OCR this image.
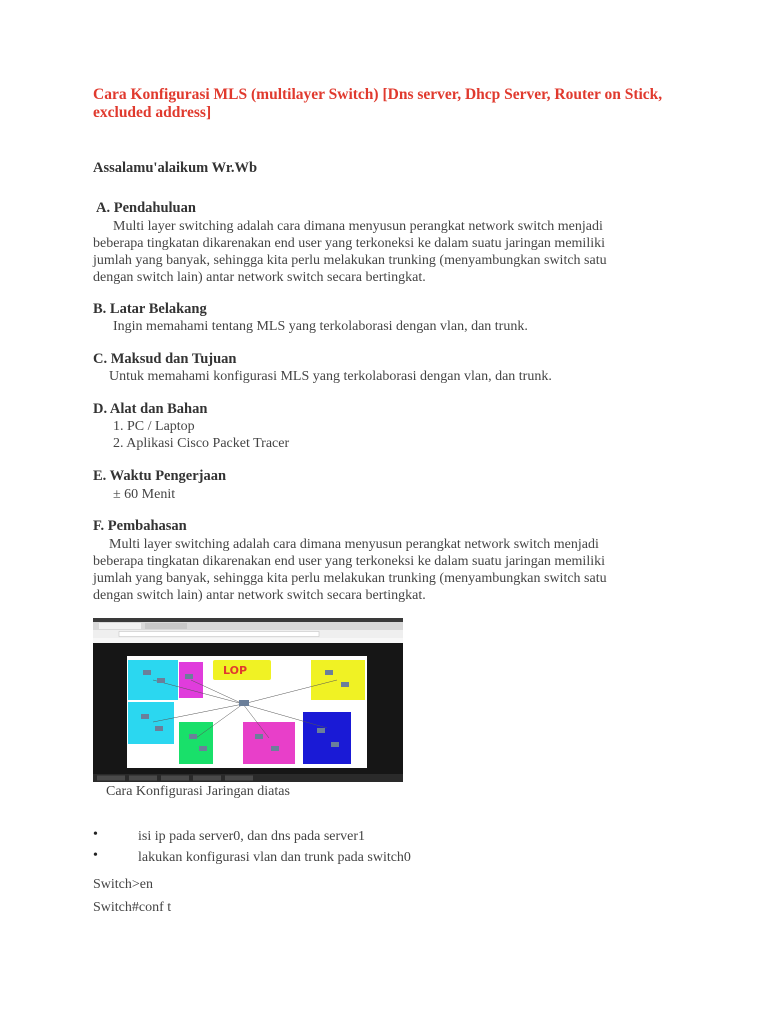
Cara Konfigurasi MLS (multilayer Switch) [Dns server, Dhcp Server, Router on Stick, excluded address]
Assalamu'alaikum Wr.Wb
A. Pendahuluan
Multi layer switching adalah cara dimana menyusun perangkat network switch menjadi
beberapa tingkatan dikarenakan end user yang terkoneksi ke dalam suatu jaringan memiliki
jumlah yang banyak, sehingga kita perlu melakukan trunking (menyambungkan switch satu
dengan switch lain) antar network switch secara bertingkat.
B. Latar Belakang
Ingin memahami tentang MLS yang terkolaborasi dengan vlan, dan trunk.
C. Maksud dan Tujuan
Untuk memahami konfigurasi MLS yang terkolaborasi dengan vlan, dan trunk.
D. Alat dan Bahan
1. PC / Laptop
2. Aplikasi Cisco Packet Tracer
E. Waktu Pengerjaan
± 60 Menit
F. Pembahasan
Multi layer switching adalah cara dimana menyusun perangkat network switch menjadi
beberapa tingkatan dikarenakan end user yang terkoneksi ke dalam suatu jaringan memiliki
jumlah yang banyak, sehingga kita perlu melakukan trunking (menyambungkan switch satu
dengan switch lain) antar network switch secara bertingkat.
LOP
Cara Konfigurasi Jaringan diatas
•	isi ip pada server0, dan dns pada server1
•	lakukan konfigurasi vlan dan trunk pada switch0
Switch>en
Switch#conf t
